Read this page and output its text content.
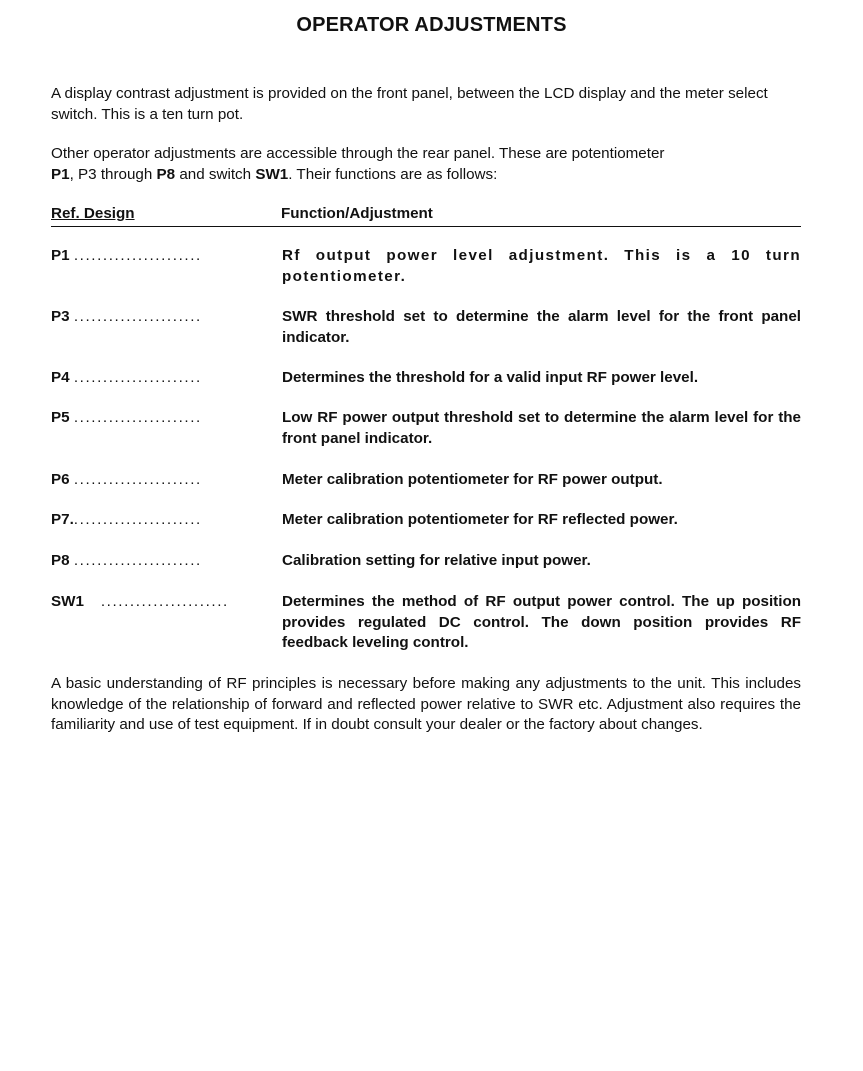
OPERATOR ADJUSTMENTS

A display contrast adjustment is provided on the front panel, between the LCD display and the meter select switch. This is a ten turn pot.

Other operator adjustments are accessible through the rear panel. These are potentiometer
P1, P3 through P8 and switch SW1. Their functions are as follows:

Ref. Design	Function/Adjustment
P1 ......................	Rf output power level adjustment. This is a 10 turn potentiometer.
P3 ......................	SWR threshold set to determine the alarm level for the front panel indicator.
P4 ......................	Determines the threshold for a valid input RF power level.
P5 ......................	Low RF power output threshold set to determine the alarm level for the front panel indicator.
P6 ......................	Meter calibration potentiometer for RF power output.
P7.......................	Meter calibration potentiometer for RF reflected power.
P8 ......................	Calibration setting for relative input power.
SW1 ......................	Determines the method of RF output power control. The up position provides regulated DC control. The down position provides RF feedback leveling control.

A basic understanding of RF principles is necessary before making any adjustments to the unit. This includes knowledge of the relationship of forward and reflected power relative to SWR etc. Adjustment also requires the familiarity and use of test equipment. If in doubt consult your dealer or the factory about changes.
